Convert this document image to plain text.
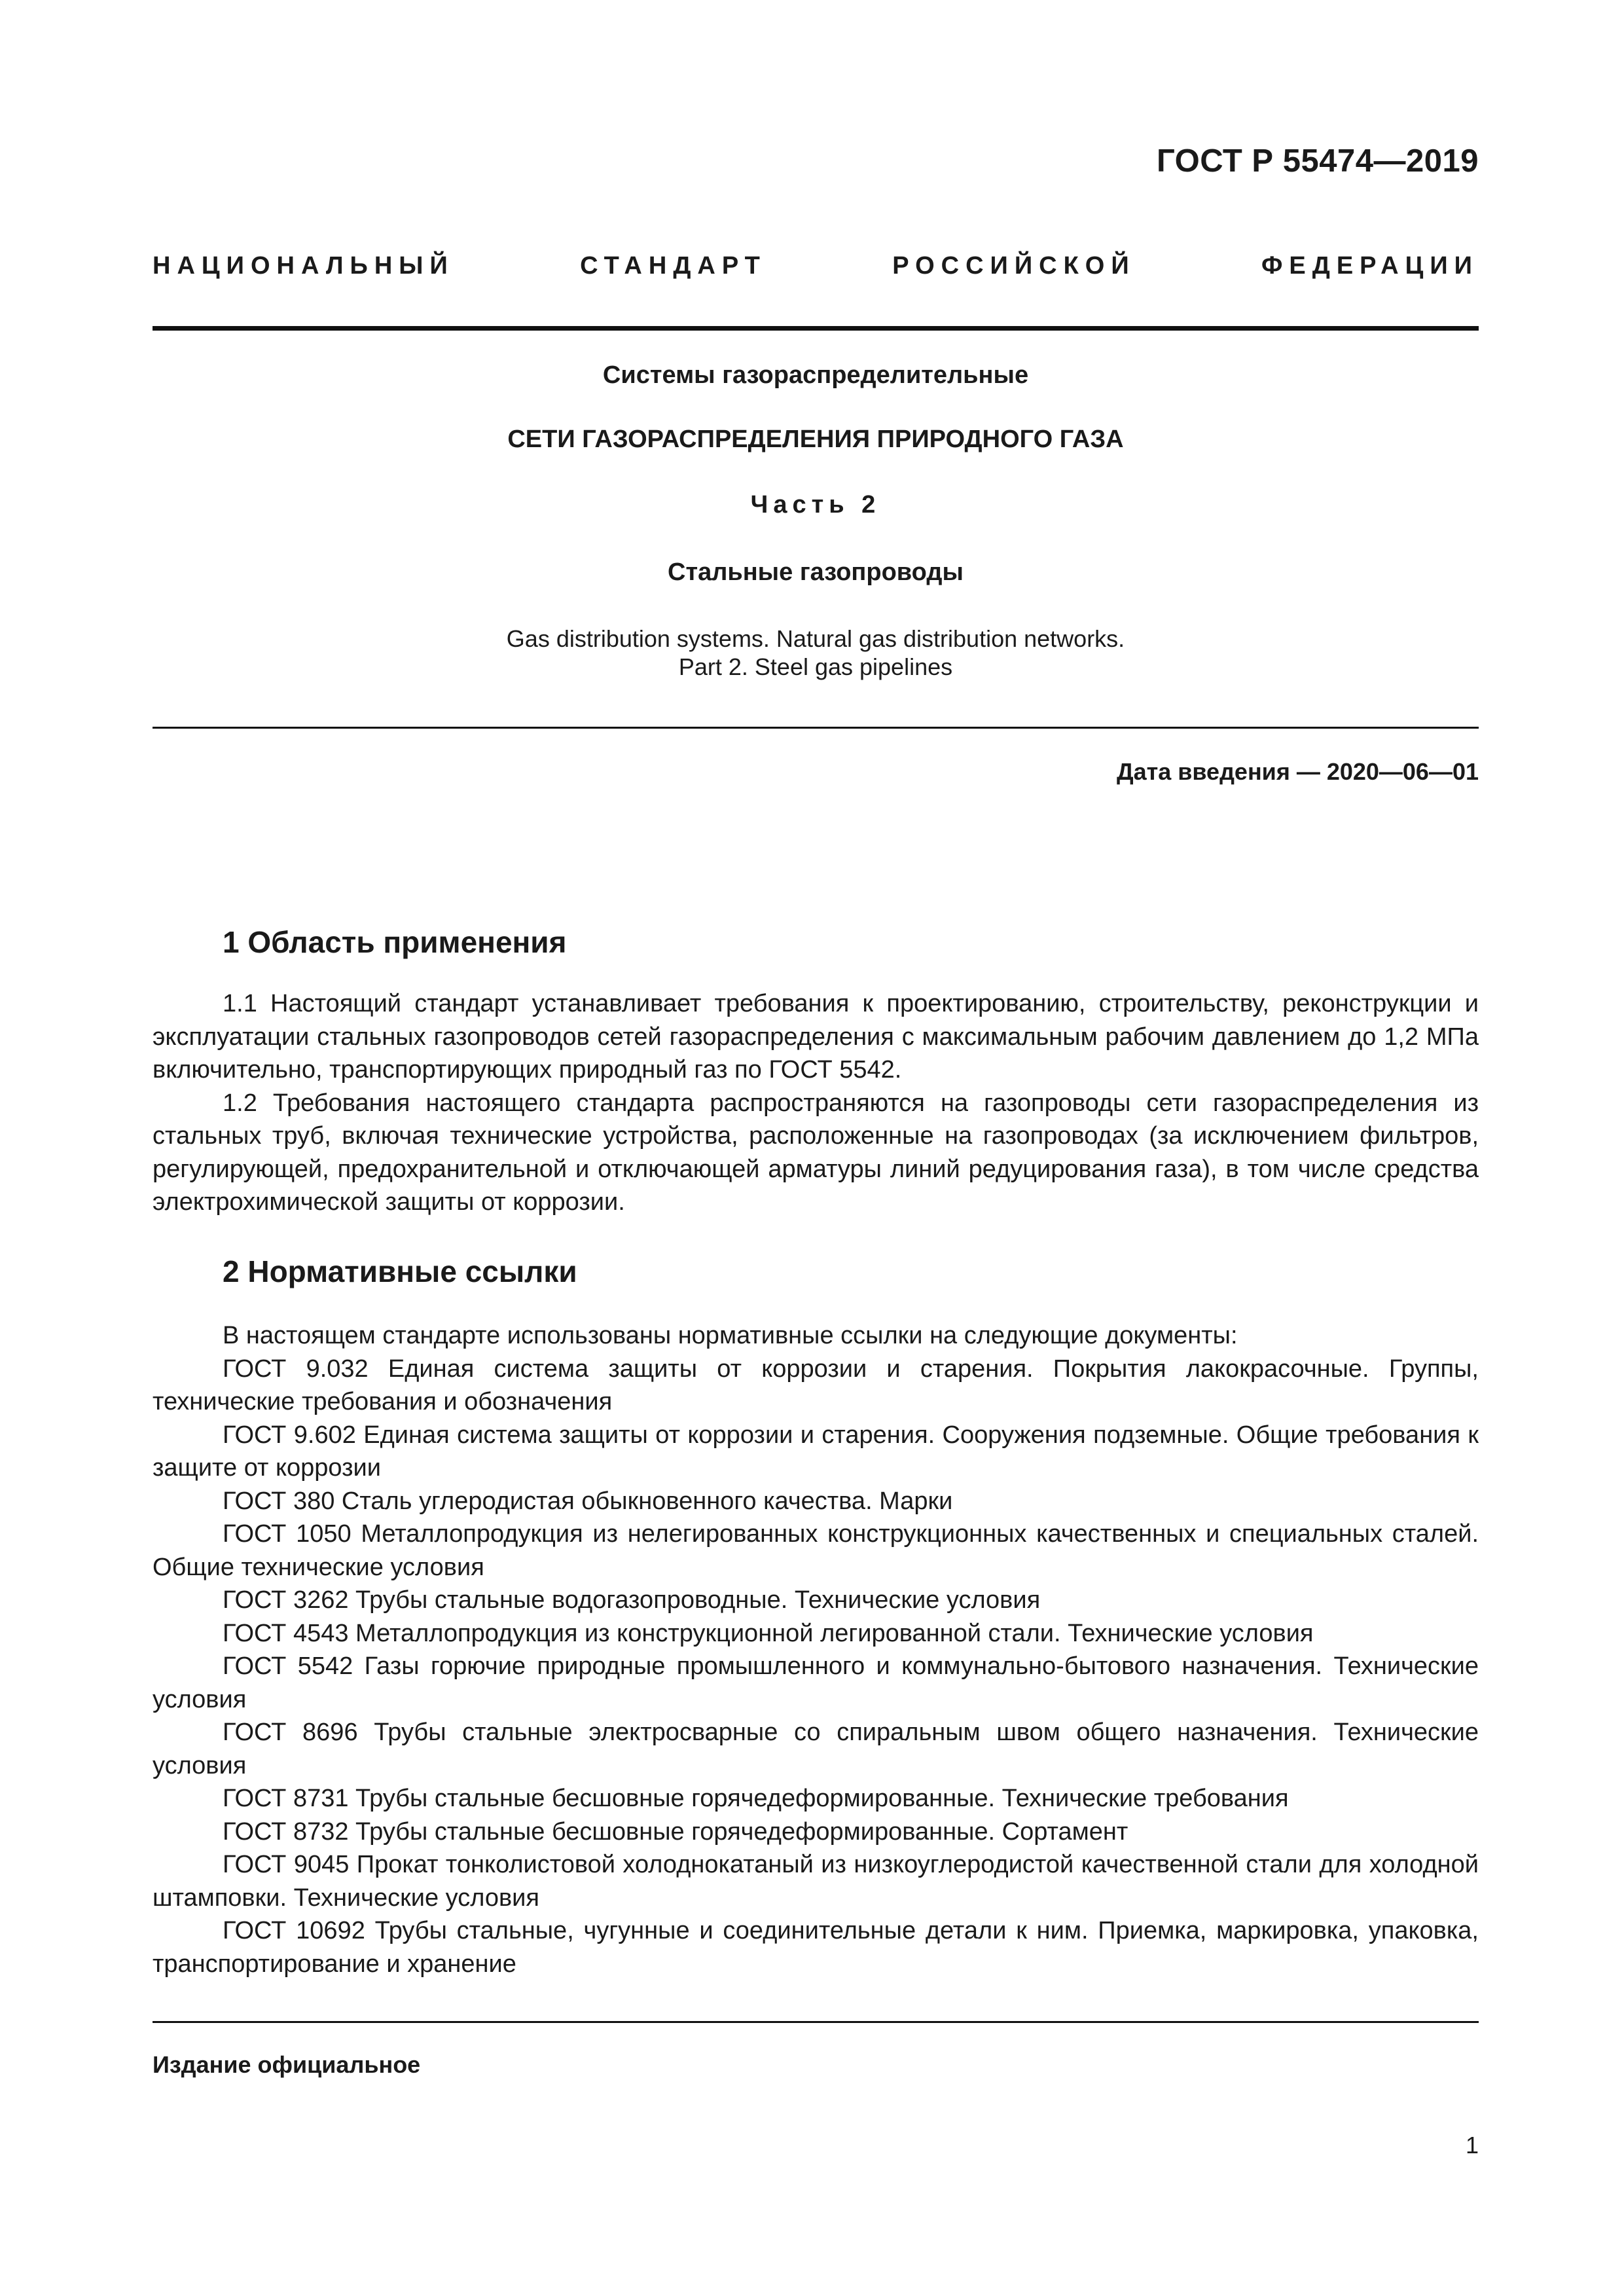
ГОСТ Р 55474—2019
НАЦИОНАЛЬНЫЙ СТАНДАРТ РОССИЙСКОЙ ФЕДЕРАЦИИ
Системы газораспределительные
СЕТИ ГАЗОРАСПРЕДЕЛЕНИЯ ПРИРОДНОГО ГАЗА
Часть 2
Стальные газопроводы
Gas distribution systems. Natural gas distribution networks.
Part 2. Steel gas pipelines
Дата введения — 2020—06—01
1 Область применения

1.1 Настоящий стандарт устанавливает требования к проектированию, строительству, реконструкции и эксплуатации стальных газопроводов сетей газораспределения с максимальным рабочим давлением до 1,2 МПа включительно, транспортирующих природный газ по ГОСТ 5542.

1.2 Требования настоящего стандарта распространяются на газопроводы сети газораспределения из стальных труб, включая технические устройства, расположенные на газопроводах (за исключением фильтров, регулирующей, предохранительной и отключающей арматуры линий редуцирования газа), в том числе средства электрохимической защиты от коррозии.

2 Нормативные ссылки

В настоящем стандарте использованы нормативные ссылки на следующие документы:

ГОСТ 9.032 Единая система защиты от коррозии и старения. Покрытия лакокрасочные. Группы, технические требования и обозначения

ГОСТ 9.602 Единая система защиты от коррозии и старения. Сооружения подземные. Общие требования к защите от коррозии

ГОСТ 380 Сталь углеродистая обыкновенного качества. Марки

ГОСТ 1050 Металлопродукция из нелегированных конструкционных качественных и специальных сталей. Общие технические условия

ГОСТ 3262 Трубы стальные водогазопроводные. Технические условия

ГОСТ 4543 Металлопродукция из конструкционной легированной стали. Технические условия

ГОСТ 5542 Газы горючие природные промышленного и коммунально-бытового назначения. Технические условия

ГОСТ 8696 Трубы стальные электросварные со спиральным швом общего назначения. Технические условия

ГОСТ 8731 Трубы стальные бесшовные горячедеформированные. Технические требования

ГОСТ 8732 Трубы стальные бесшовные горячедеформированные. Сортамент

ГОСТ 9045 Прокат тонколистовой холоднокатаный из низкоуглеродистой качественной стали для холодной штамповки. Технические условия

ГОСТ 10692 Трубы стальные, чугунные и соединительные детали к ним. Приемка, маркировка, упаковка, транспортирование и хранение

Издание официальное
1
